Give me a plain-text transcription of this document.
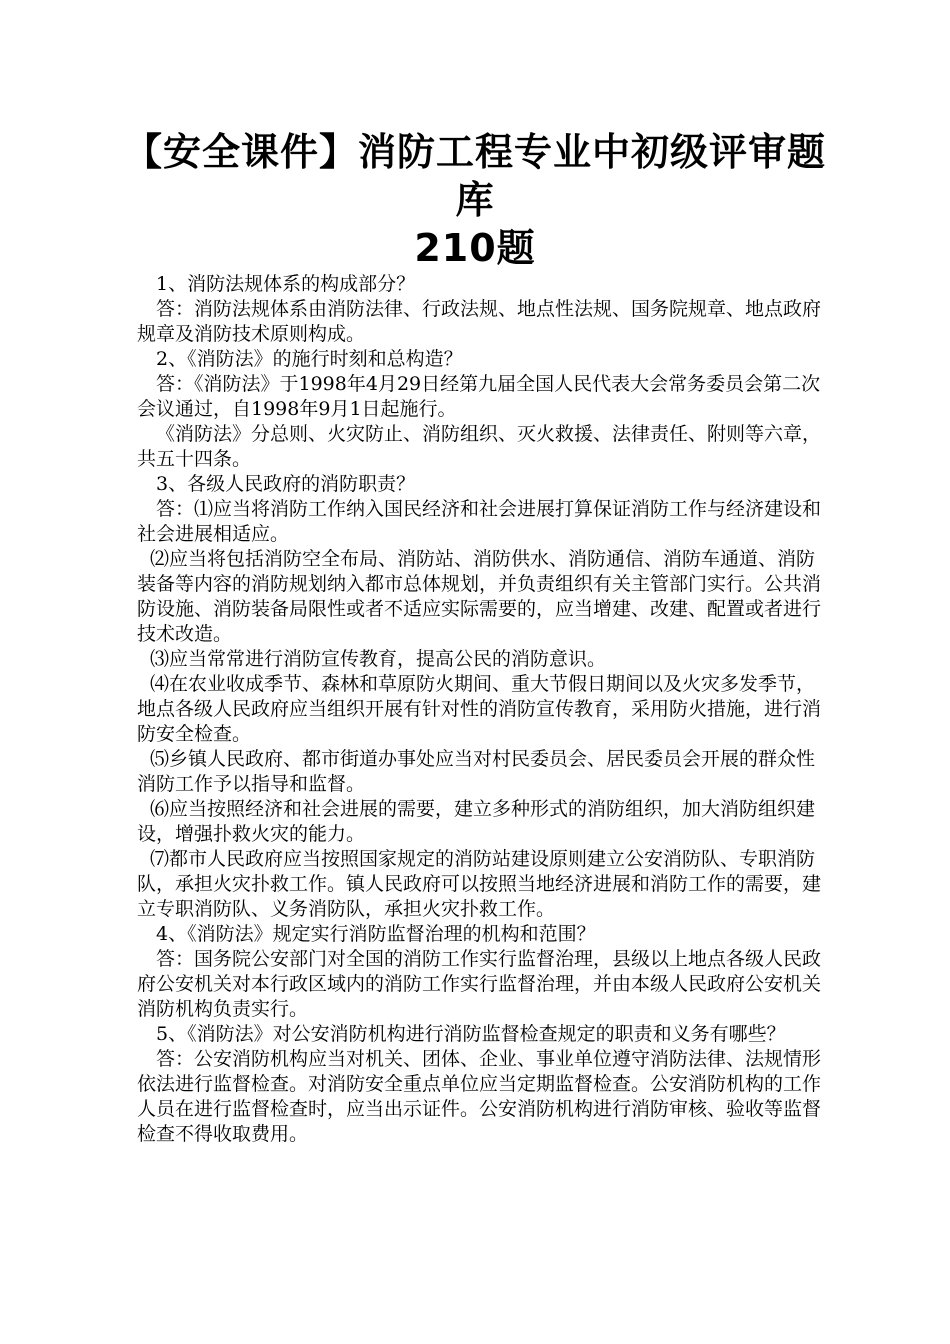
【安全课件】消防工程专业中初级评审题库
210题

1、消防法规体系的构成部分？

答：消防法规体系由消防法律、行政法规、地点性法规、国务院规章、地点政府规章及消防技术原则构成。

2、《消防法》的施行时刻和总构造？

答：《消防法》于1998年4月29日经第九届全国人民代表大会常务委员会第二次会议通过，自1998年9月1日起施行。

《消防法》分总则、火灾防止、消防组织、灭火救援、法律责任、附则等六章，共五十四条。

3、各级人民政府的消防职责？

答：⑴应当将消防工作纳入国民经济和社会进展打算保证消防工作与经济建设和社会进展相适应。

⑵应当将包括消防空全布局、消防站、消防供水、消防通信、消防车通道、消防装备等内容的消防规划纳入都市总体规划，并负责组织有关主管部门实行。公共消防设施、消防装备局限性或者不适应实际需要的，应当增建、改建、配置或者进行技术改造。

⑶应当常常进行消防宣传教育，提高公民的消防意识。

⑷在农业收成季节、森林和草原防火期间、重大节假日期间以及火灾多发季节，地点各级人民政府应当组织开展有针对性的消防宣传教育，采用防火措施，进行消防安全检查。

⑸乡镇人民政府、都市街道办事处应当对村民委员会、居民委员会开展的群众性消防工作予以指导和监督。

⑹应当按照经济和社会进展的需要，建立多种形式的消防组织，加大消防组织建设，增强扑救火灾的能力。

⑺都市人民政府应当按照国家规定的消防站建设原则建立公安消防队、专职消防队，承担火灾扑救工作。镇人民政府可以按照当地经济进展和消防工作的需要，建立专职消防队、义务消防队，承担火灾扑救工作。

4、《消防法》规定实行消防监督治理的机构和范围？

答：国务院公安部门对全国的消防工作实行监督治理，县级以上地点各级人民政府公安机关对本行政区域内的消防工作实行监督治理，并由本级人民政府公安机关消防机构负责实行。

5、《消防法》对公安消防机构进行消防监督检查规定的职责和义务有哪些？

答：公安消防机构应当对机关、团体、企业、事业单位遵守消防法律、法规情形依法进行监督检查。对消防安全重点单位应当定期监督检查。公安消防机构的工作人员在进行监督检查时，应当出示证件。公安消防机构进行消防审核、验收等监督检查不得收取费用。
